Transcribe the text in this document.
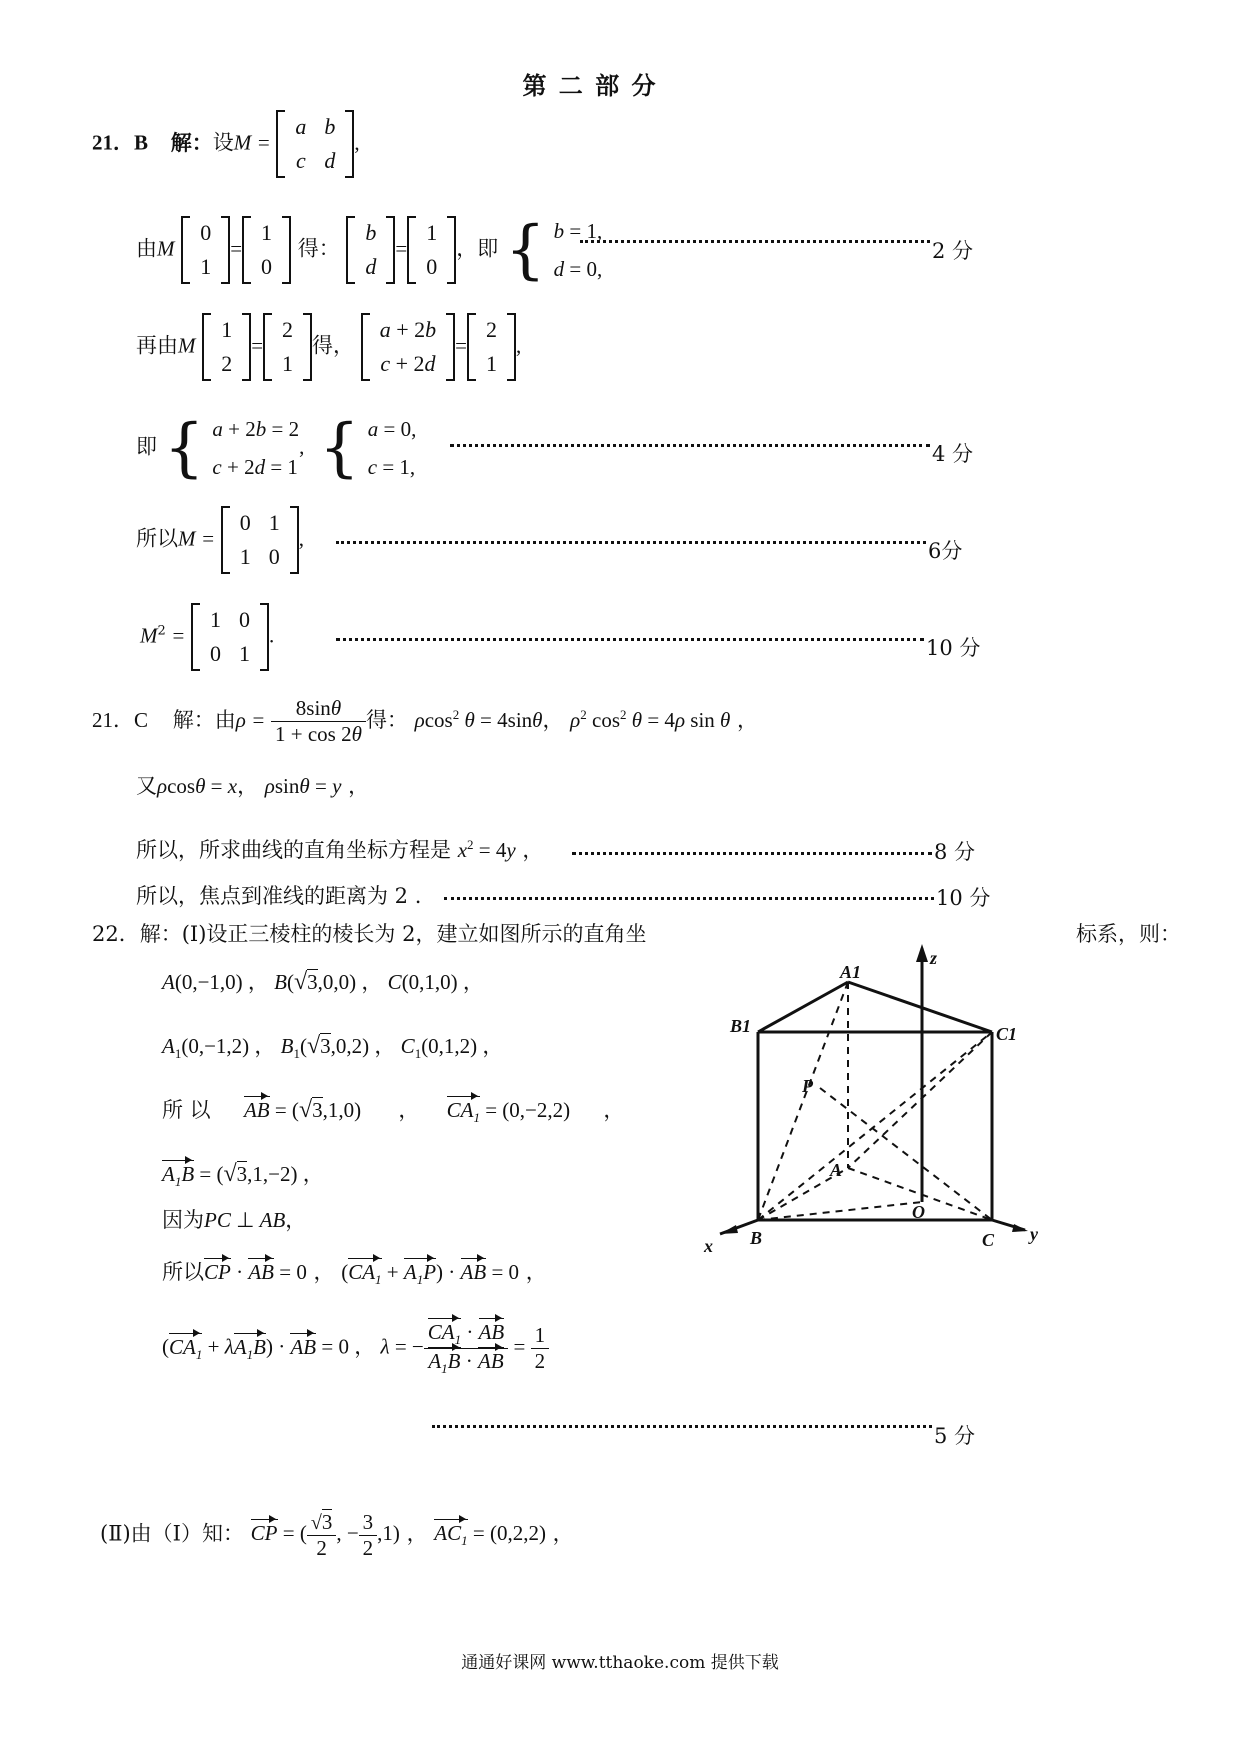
第 二 部 分
21．B 解：设M =
a	b
c	d
,
由M
0
1
=
1
0
得：
b
d
=
1
0
，即 { b = 1,
d = 0,
2 分
再由M
1
2
=
2
1
得，
a + 2b
c + 2d
=
2
1
,
即 { a + 2b = 2
c + 2d = 1, { a = 0,
c = 1,
4 分
所以M =
0	1
1	0
,
6分
$M^2$ =
1	0
0	1
.
10 分
21．C 解：由$\rho = \frac{8\sin\theta}{1 + \cos 2\theta}$ 得： ρcos$^2$ θ = 4sinθ， $\rho^2$ $\cos^2 \theta = 4\rho$ sin θ ，
又ρcosθ = x， ρsinθ = y ，
所以，所求曲线的直角坐标方程是 $x^2 = 4y$ ，	8 分
所以，焦点到准线的距离为 2 .	10 分
22．解：(Ⅰ)设正三棱柱的棱长为 2，建立如图所示的直角坐	标系，则：
A(0,−1,0) ， B(√3,0,0) ， C(0,1,0) ，
$A_1(0,-1,2)$ ， $B_1(√3,0,2)$ ， $C_1(0,1,2)$ ，
所 以 AB = (√3,1,0) ， $CA_1 = (0,-2,2)$ ，
$A_1B = (√3,1,-2)$ ，
因为PC ⊥ AB，
所以CP · AB = 0 ， $(CA_1 + A_1P)$ · AB = 0 ，
$(CA_1 + \lambda A_1B)$ · AB = 0 ， λ = − $\frac{CA_1 \cdot AB}{A_1B \cdot AB} = \frac{1}{2}$
5 分
(Ⅱ)由（Ⅰ）知： CP = ( $\frac{√3}{2}$ , − $\frac{3}{2} ,1$) ， $AC_1 = (0,2,2)$ ，
A1
B1	C1
P
A
O
B	C
x
y
z
通通好课网 www.tthaoke.com 提供下载
